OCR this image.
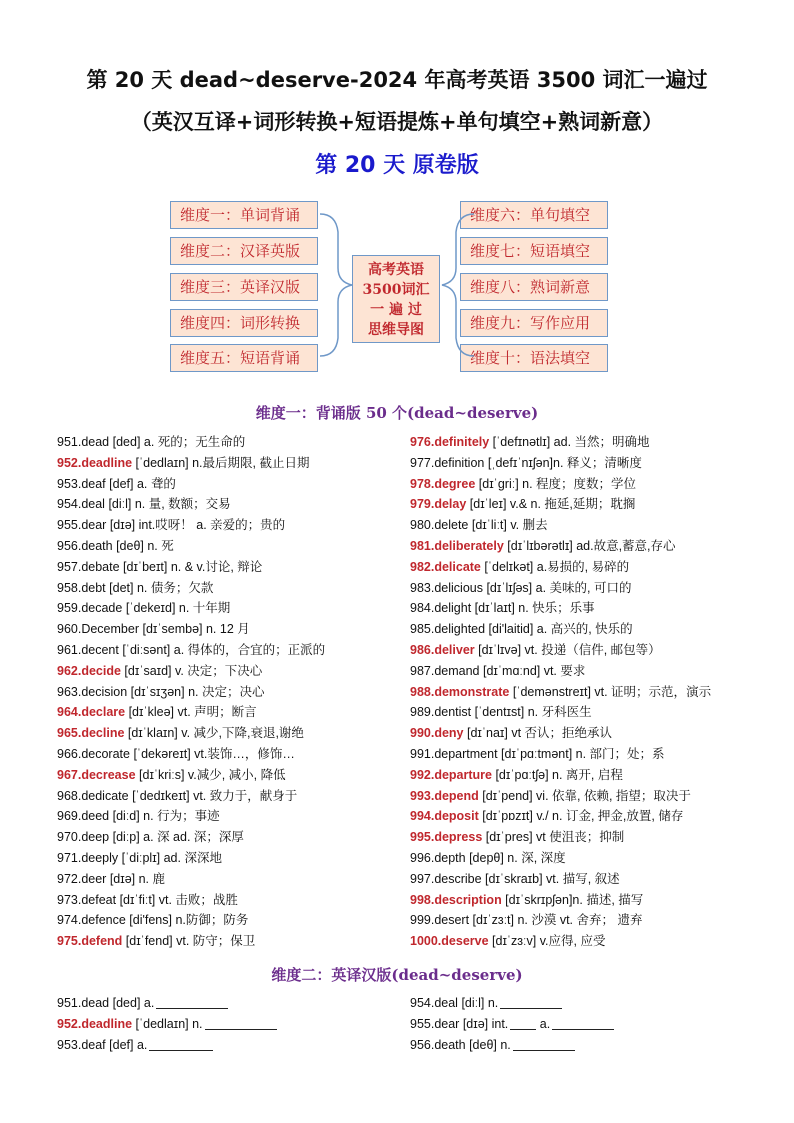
第 20 天 dead~deserve-2024 年高考英语 3500 词汇一遍过
（英汉互译+词形转换+短语提炼+单句填空+熟词新意）
第 20 天 原卷版
维度一：单词背诵
维度二：汉译英版
维度三：英译汉版
维度四：词形转换
维度五：短语背诵
维度六：单句填空
维度七：短语填空
维度八：熟词新意
维度九：写作应用
维度十：语法填空
高考英语
3500词汇
一 遍 过
思维导图
维度一：背诵版 50 个(dead~deserve)
951.dead [ded] a. 死的；无生命的
952.deadline [ˈdedlaɪn] n.最后期限, 截止日期
953.deaf [def] a. 聋的
954.deal [diːl] n. 量, 数额；交易
955.dear [dɪə] int.哎呀！ a. 亲爱的；贵的
956.death [deθ] n. 死
957.debate [dɪˈbeɪt] n. & v.讨论, 辩论
958.debt [det] n. 债务；欠款
959.decade [ˈdekeɪd] n. 十年期
960.December [dɪˈsembə] n. 12 月
961.decent [ˈdiːsənt] a. 得体的，合宜的；正派的
962.decide [dɪˈsaɪd] v. 决定；下决心
963.decision [dɪˈsɪʒən] n. 决定；决心
964.declare [dɪˈkleə] vt. 声明；断言
965.decline [dɪˈklaɪn] v. 减少,下降,衰退,谢绝
966.decorate [ˈdekəreɪt] vt.装饰…，修饰…
967.decrease [dɪˈkriːs] v.减少, 减小, 降低
968.dedicate [ˈdedɪkeɪt] vt. 致力于，献身于
969.deed [diːd] n. 行为；事迹
970.deep [diːp] a. 深 ad. 深；深厚
971.deeply [ˈdiːplɪ] ad. 深深地
972.deer [dɪə] n. 鹿
973.defeat [dɪˈfiːt] vt. 击败；战胜
974.defence [di'fens] n.防御；防务
975.defend [dɪˈfend] vt. 防守；保卫
976.definitely [ˈdefɪnətlɪ] ad. 当然；明确地
977.definition [ˌdefɪˈnɪʃən]n. 释义；清晰度
978.degree [dɪˈɡriː] n. 程度；度数；学位
979.delay [dɪˈleɪ] v.& n. 拖延,延期；耽搁
980.delete [dɪˈliːt] v. 删去
981.deliberately [dɪˈlɪbərətlɪ] ad.故意,蓄意,存心
982.delicate [ˈdelɪkət] a.易损的, 易碎的
983.delicious [dɪˈlɪʃəs] a. 美味的, 可口的
984.delight [dɪˈlaɪt] n. 快乐；乐事
985.delighted [di'laitid] a. 高兴的, 快乐的
986.deliver [dɪˈlɪvə] vt. 投递（信件, 邮包等）
987.demand [dɪˈmɑːnd] vt. 要求
988.demonstrate [ˈdemənstreɪt] vt. 证明；示范，演示
989.dentist [ˈdentɪst] n. 牙科医生
990.deny [dɪˈnaɪ] vt 否认；拒绝承认
991.department [dɪˈpɑːtmənt] n. 部门；处；系
992.departure [dɪˈpɑːtʃə] n. 离开, 启程
993.depend [dɪˈpend] vi. 依靠, 依赖, 指望；取决于
994.deposit [dɪˈpɒzɪt] v./ n. 订金, 押金,放置, 储存
995.depress [dɪˈpres] vt 使沮丧；抑制
996.depth [depθ] n. 深, 深度
997.describe [dɪˈskraɪb] vt. 描写, 叙述
998.description [dɪˈskrɪpʃən]n. 描述, 描写
999.desert [dɪˈzɜːt] n. 沙漠 vt. 舍弃； 遗弃
1000.deserve [dɪˈzɜːv] v.应得, 应受
维度二：英译汉版(dead~deserve)
951.dead [ded] a.
952.deadline [ˈdedlaɪn] n.
953.deaf [def] a.
954.deal [diːl] n.
955.dear [dɪə] int. a.
956.death [deθ] n.
